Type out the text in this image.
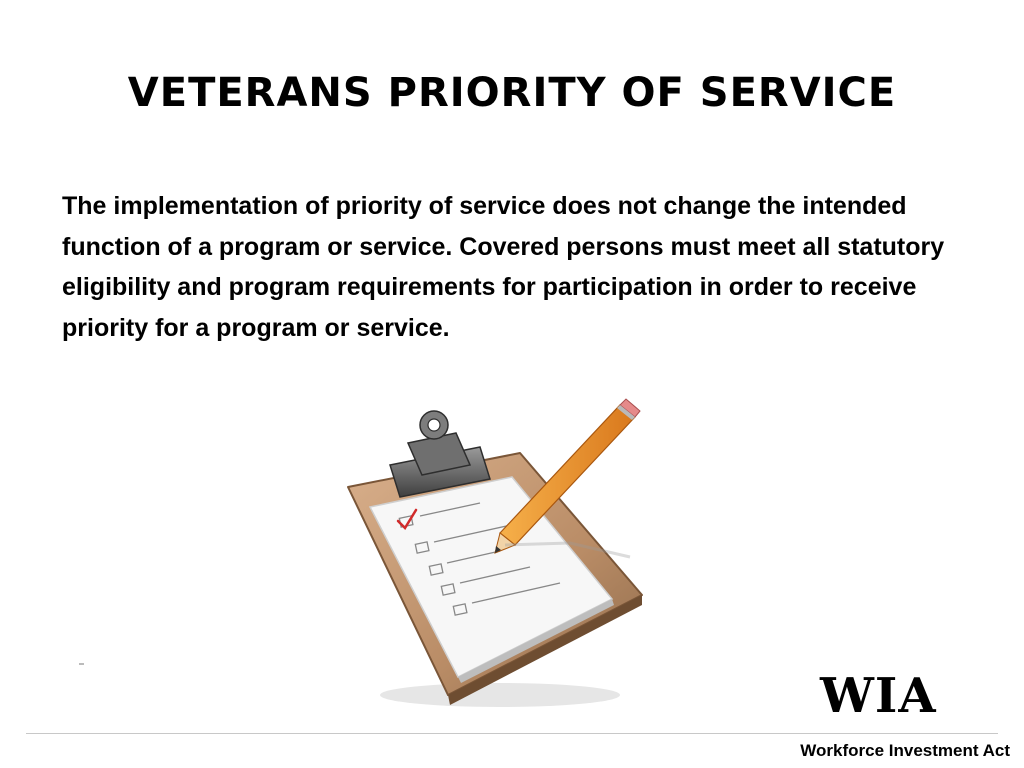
VETERANS PRIORITY OF SERVICE

The implementation of priority of service does not change the intended function of a program or service. Covered persons must meet all statutory eligibility and program requirements for participation in order to receive priority for a program or service.

WIA
Workforce Investment Act
